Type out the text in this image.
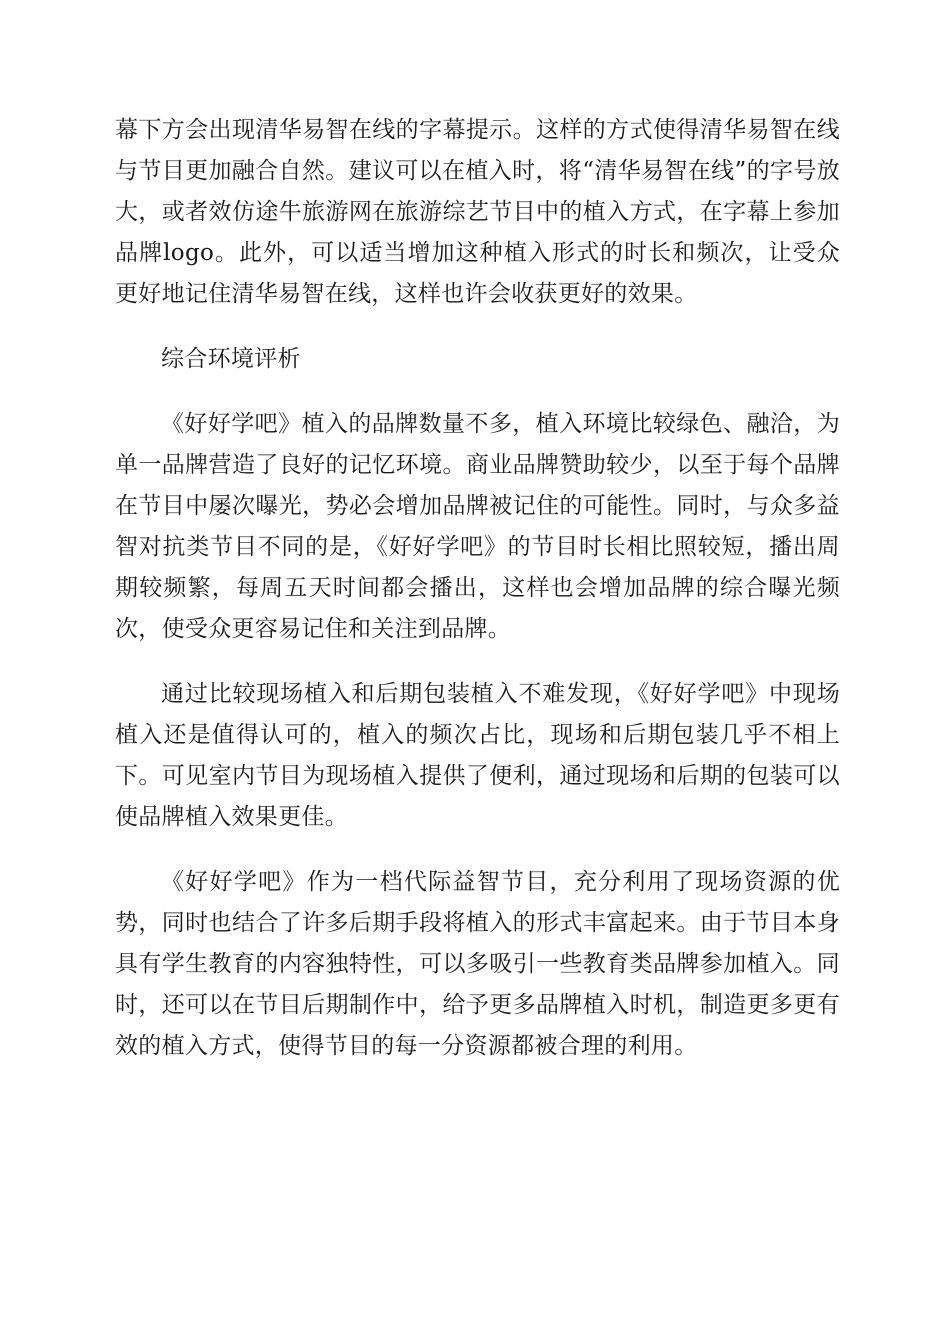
幕下方会出现清华易智在线的字幕提示。这样的方式使得清华易智在线与节目更加融合自然。建议可以在植入时，将“清华易智在线”的字号放大，或者效仿途牛旅游网在旅游综艺节目中的植入方式，在字幕上参加品牌logo。此外，可以适当增加这种植入形式的时长和频次，让受众更好地记住清华易智在线，这样也许会收获更好的效果。

综合环境评析

《好好学吧》植入的品牌数量不多，植入环境比较绿色、融洽，为单一品牌营造了良好的记忆环境。商业品牌赞助较少，以至于每个品牌在节目中屡次曝光，势必会增加品牌被记住的可能性。同时，与众多益智对抗类节目不同的是，《好好学吧》的节目时长相比照较短，播出周期较频繁，每周五天时间都会播出，这样也会增加品牌的综合曝光频次，使受众更容易记住和关注到品牌。

通过比较现场植入和后期包装植入不难发现，《好好学吧》中现场植入还是值得认可的，植入的频次占比，现场和后期包装几乎不相上下。可见室内节目为现场植入提供了便利，通过现场和后期的包装可以使品牌植入效果更佳。

《好好学吧》作为一档代际益智节目，充分利用了现场资源的优势，同时也结合了许多后期手段将植入的形式丰富起来。由于节目本身具有学生教育的内容独特性，可以多吸引一些教育类品牌参加植入。同时，还可以在节目后期制作中，给予更多品牌植入时机，制造更多更有效的植入方式，使得节目的每一分资源都被合理的利用。
